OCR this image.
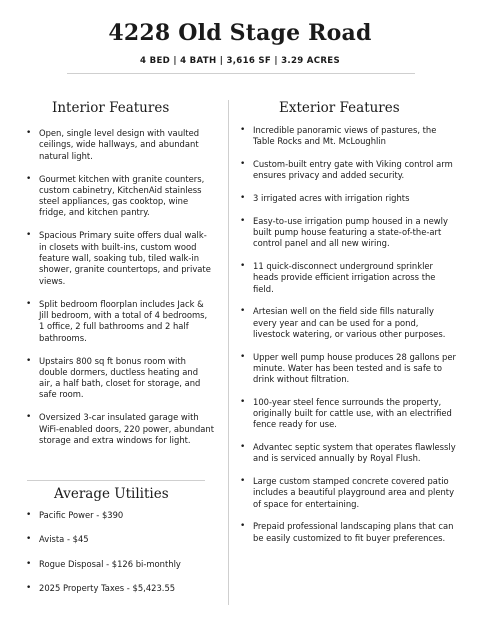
4228 Old Stage Road
4 BED | 4 BATH | 3,616 SF | 3.29 ACRES
Interior Features
• Open, single level design with vaulted ceilings, wide hallways, and abundant natural light.
• Gourmet kitchen with granite counters, custom cabinetry, KitchenAid stainless steel appliances, gas cooktop, wine fridge, and kitchen pantry.
• Spacious Primary suite offers dual walk-in closets with built-ins, custom wood feature wall, soaking tub, tiled walk-in shower, granite countertops, and private views.
• Split bedroom floorplan includes Jack & Jill bedroom, with a total of 4 bedrooms, 1 office, 2 full bathrooms and 2 half bathrooms.
• Upstairs 800 sq ft bonus room with double dormers, ductless heating and air, a half bath, closet for storage, and safe room.
• Oversized 3-car insulated garage with WiFi-enabled doors, 220 power, abundant storage and extra windows for light.
Average Utilities
• Pacific Power - $390
• Avista - $45
• Rogue Disposal - $126 bi-monthly
• 2025 Property Taxes - $5,423.55
Exterior Features
• Incredible panoramic views of pastures, the Table Rocks and Mt. McLoughlin
• Custom-built entry gate with Viking control arm ensures privacy and added security.
• 3 irrigated acres with irrigation rights
• Easy-to-use irrigation pump housed in a newly built pump house featuring a state-of-the-art control panel and all new wiring.
• 11 quick-disconnect underground sprinkler heads provide efficient irrigation across the field.
• Artesian well on the field side fills naturally every year and can be used for a pond, livestock watering, or various other purposes.
• Upper well pump house produces 28 gallons per minute. Water has been tested and is safe to drink without filtration.
• 100-year steel fence surrounds the property, originally built for cattle use, with an electrified fence ready for use.
• Advantec septic system that operates flawlessly and is serviced annually by Royal Flush.
• Large custom stamped concrete covered patio includes a beautiful playground area and plenty of space for entertaining.
• Prepaid professional landscaping plans that can be easily customized to fit buyer preferences.
